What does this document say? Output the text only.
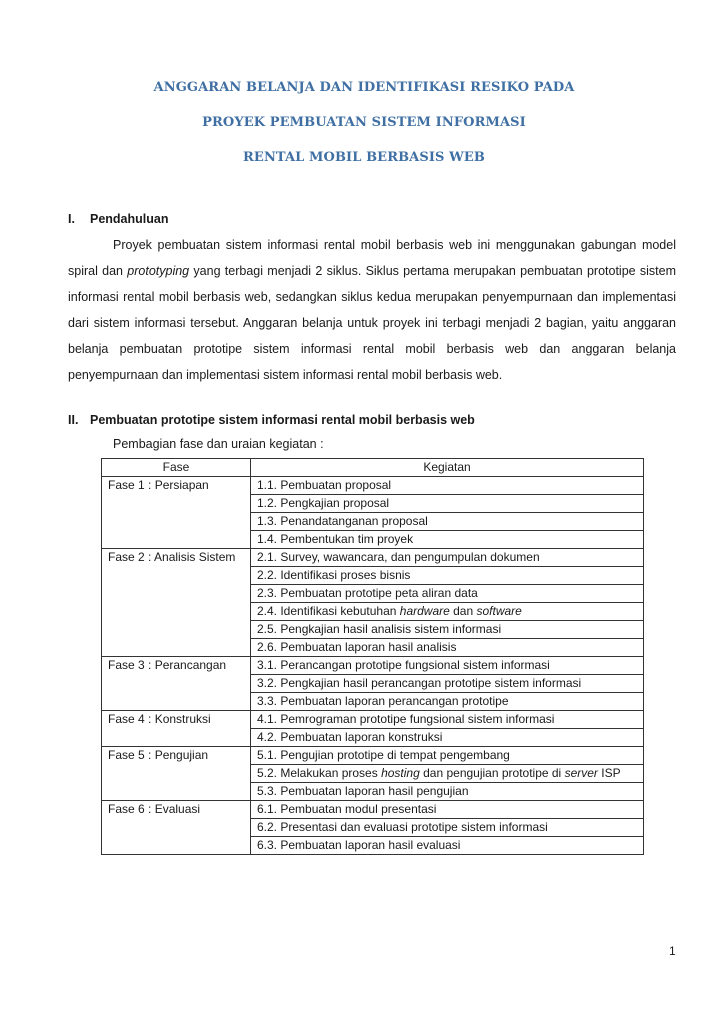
ANGGARAN BELANJA DAN IDENTIFIKASI RESIKO PADA
PROYEK PEMBUATAN SISTEM INFORMASI
RENTAL MOBIL BERBASIS WEB
I. Pendahuluan
Proyek pembuatan sistem informasi rental mobil berbasis web ini menggunakan gabungan model
spiral dan prototyping yang terbagi menjadi 2 siklus. Siklus pertama merupakan pembuatan prototipe sistem
informasi rental mobil berbasis web, sedangkan siklus kedua merupakan penyempurnaan dan implementasi
dari sistem informasi tersebut. Anggaran belanja untuk proyek ini terbagi menjadi 2 bagian, yaitu anggaran
belanja pembuatan prototipe sistem informasi rental mobil berbasis web dan anggaran belanja
penyempurnaan dan implementasi sistem informasi rental mobil berbasis web.
II. Pembuatan prototipe sistem informasi rental mobil berbasis web
Pembagian fase dan uraian kegiatan :
Fase	Kegiatan
Fase 1 : Persiapan	1.1. Pembuatan proposal
	1.2. Pengkajian proposal
	1.3. Penandatanganan proposal
	1.4. Pembentukan tim proyek
Fase 2 : Analisis Sistem	2.1. Survey, wawancara, dan pengumpulan dokumen
	2.2. Identifikasi proses bisnis
	2.3. Pembuatan prototipe peta aliran data
	2.4. Identifikasi kebutuhan hardware dan software
	2.5. Pengkajian hasil analisis sistem informasi
	2.6. Pembuatan laporan hasil analisis
Fase 3 : Perancangan	3.1. Perancangan prototipe fungsional sistem informasi
	3.2. Pengkajian hasil perancangan prototipe sistem informasi
	3.3. Pembuatan laporan perancangan prototipe
Fase 4 : Konstruksi	4.1. Pemrograman prototipe fungsional sistem informasi
	4.2. Pembuatan laporan konstruksi
Fase 5 : Pengujian	5.1. Pengujian prototipe di tempat pengembang
	5.2. Melakukan proses hosting dan pengujian prototipe di server ISP
	5.3. Pembuatan laporan hasil pengujian
Fase 6 : Evaluasi	6.1. Pembuatan modul presentasi
	6.2. Presentasi dan evaluasi prototipe sistem informasi
	6.3. Pembuatan laporan hasil evaluasi
1
